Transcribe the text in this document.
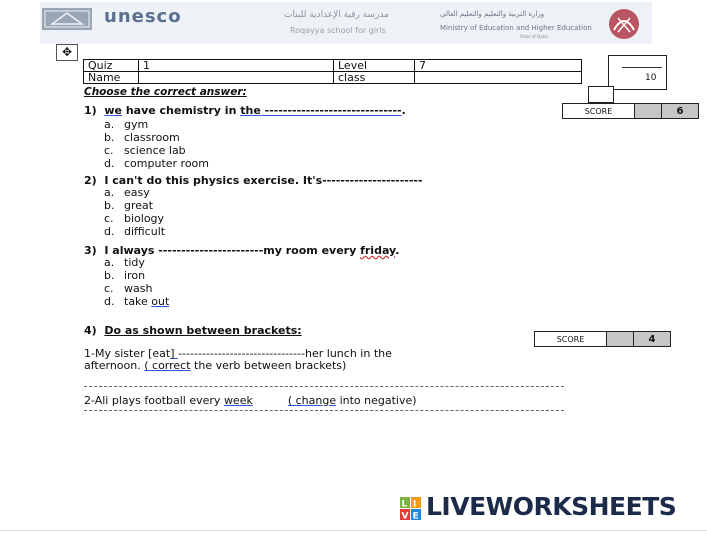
unesco	مدرسة رقية الإعدادية للبنات
Roqayya school for girls
وزارة التربية والتعليم والتعليم العالي
Ministry of Education and Higher Education
State of Qatar
✥
Quiz	1	Level	7
Name		class		10
SCORE		6
Choose the correct answer:
1) we have chemistry in the ------------------------------.
a. gym
b. classroom
c. science lab
d. computer room
2) I can't do this physics exercise. It's----------------------
a. easy
b. great
c. biology
d. difficult
3) I always -----------------------my room every friday.
a. tidy
b. iron
c. wash
d. take out
4) Do as shown between brackets:
SCORE		4
1-My sister [eat] --------------------------------her lunch in the
afternoon. ( correct the verb between brackets)
2-Ali plays football every week	( change into negative)
L I
V E LIVEWORKSHEETS
